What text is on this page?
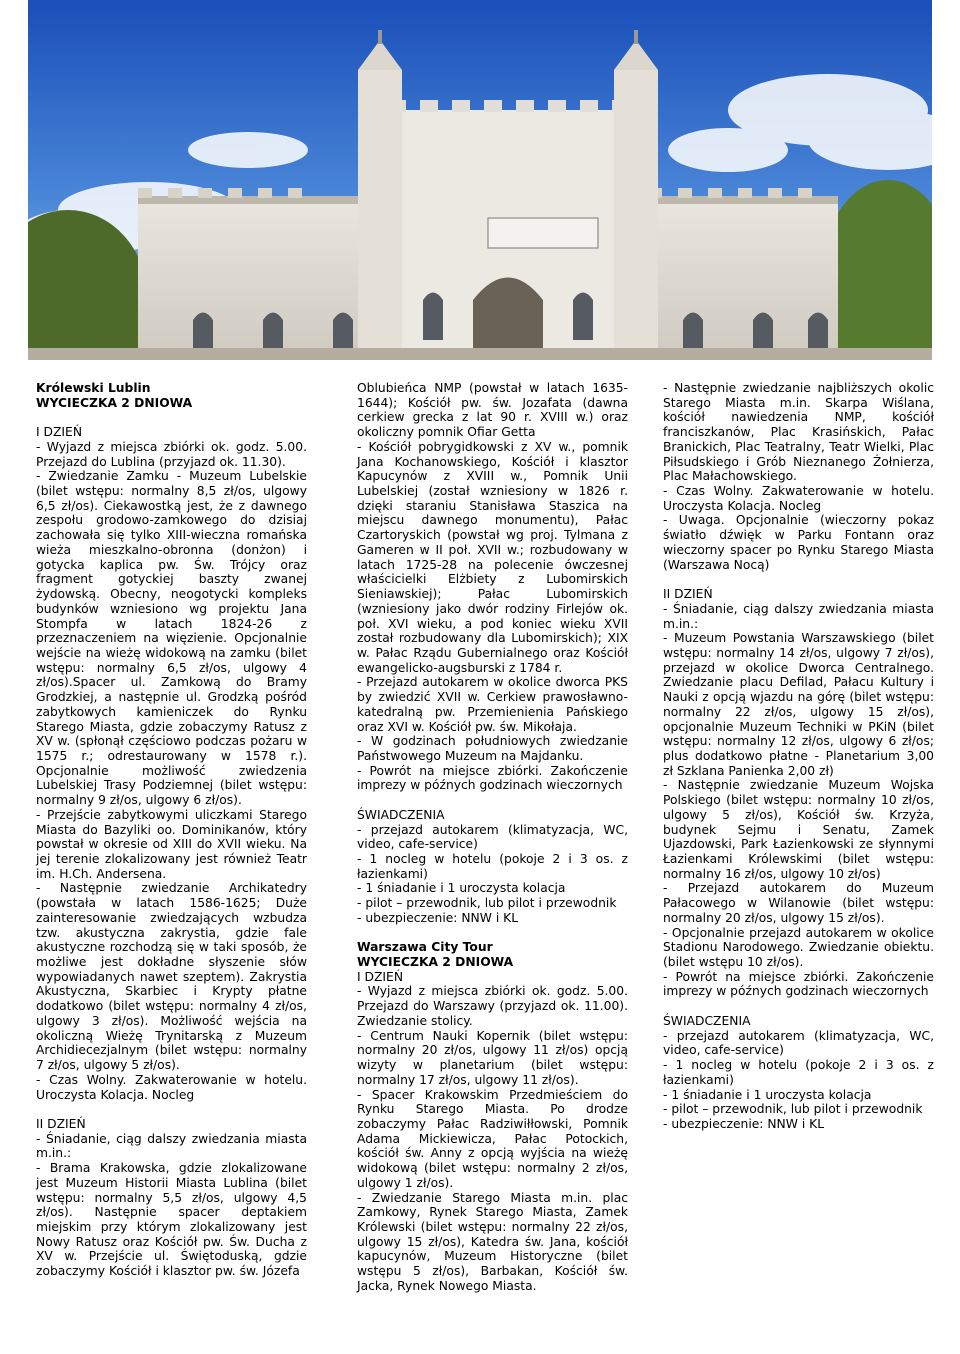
Królewski Lublin

WYCIECZKA 2 DNIOWA

I DZIEŃ

- Wyjazd z miejsca zbiórki ok. godz. 5.00. Przejazd do Lublina (przyjazd ok. 11.30).

- Zwiedzanie Zamku - Muzeum Lubelskie (bilet wstępu: normalny 8,5 zł/os, ulgowy 6,5 zł/os). Ciekawostką jest, że z dawnego zespołu grodowo-zamkowego do dzisiaj zachowała się tylko XIII-wieczna romańska wieża mieszkalno-obronna (donżon) i gotycka kaplica pw. Św. Trójcy oraz fragment gotyckiej baszty zwanej żydowską. Obecny, neogotycki kompleks budynków wzniesiono wg projektu Jana Stompfa w latach 1824-26 z przeznaczeniem na więzienie. Opcjonalnie wejście na wieżę widokową na zamku (bilet wstępu: normalny 6,5 zł/os, ulgowy 4 zł/os).Spacer ul. Zamkową do Bramy Grodzkiej, a następnie ul. Grodzką pośród zabytkowych kamieniczek do Rynku Starego Miasta, gdzie zobaczymy Ratusz z XV w. (spłonął częściowo podczas pożaru w 1575 r.; odrestaurowany w 1578 r.). Opcjonalnie możliwość zwiedzenia Lubelskiej Trasy Podziemnej (bilet wstępu: normalny 9 zł/os, ulgowy 6 zł/os).

- Przejście zabytkowymi uliczkami Starego Miasta do Bazyliki oo. Dominikanów, który powstał w okresie od XIII do XVII wieku. Na jej terenie zlokalizowany jest również Teatr im. H.Ch. Andersena.

- Następnie zwiedzanie Archikatedry (powstała w latach 1586-1625; Duże zainteresowanie zwiedzających wzbudza tzw. akustyczna zakrystia, gdzie fale akustyczne rozchodzą się w taki sposób, że możliwe jest dokładne słyszenie słów wypowiadanych nawet szeptem). Zakrystia Akustyczna, Skarbiec i Krypty płatne dodatkowo (bilet wstępu: normalny 4 zł/os, ulgowy 3 zł/os). Możliwość wejścia na okoliczną Wieżę Trynitarską z Muzeum Archidiecezjalnym (bilet wstępu: normalny 7 zł/os, ulgowy 5 zł/os).

- Czas Wolny. Zakwaterowanie w hotelu. Uroczysta Kolacja. Nocleg

II DZIEŃ

- Śniadanie, ciąg dalszy zwiedzania miasta m.in.:

- Brama Krakowska, gdzie zlokalizowane jest Muzeum Historii Miasta Lublina (bilet wstępu: normalny 5,5 zł/os, ulgowy 4,5 zł/os). Następnie spacer deptakiem miejskim przy którym zlokalizowany jest Nowy Ratusz oraz Kościół pw. Św. Ducha z XV w. Przejście ul. Świętoduską, gdzie zobaczymy Kościół i klasztor pw. św. Józefa

Oblubieńca NMP (powstał w latach 1635-1644); Kościół pw. św. Jozafata (dawna cerkiew grecka z lat 90 r. XVIII w.) oraz okoliczny pomnik Ofiar Getta

- Kościół pobrygidkowski z XV w., pomnik Jana Kochanowskiego, Kościół i klasztor Kapucynów z XVIII w., Pomnik Unii Lubelskiej (został wzniesiony w 1826 r. dzięki staraniu Stanisława Staszica na miejscu dawnego monumentu), Pałac Czartoryskich (powstał wg proj. Tylmana z Gameren w II poł. XVII w.; rozbudowany w latach 1725-28 na polecenie ówczesnej właścicielki Elżbiety z Lubomirskich Sieniawskiej); Pałac Lubomirskich (wzniesiony jako dwór rodziny Firlejów ok. poł. XVI wieku, a pod koniec wieku XVII został rozbudowany dla Lubomirskich); XIX w. Pałac Rządu Gubernialnego oraz Kościół ewangelicko-augsburski z 1784 r.

- Przejazd autokarem w okolice dworca PKS by zwiedzić XVII w. Cerkiew prawosławno-katedralną pw. Przemienienia Pańskiego oraz XVI w. Kościół pw. św. Mikołaja.

- W godzinach południowych zwiedzanie Państwowego Muzeum na Majdanku.

- Powrót na miejsce zbiórki. Zakończenie imprezy w późnych godzinach wieczornych

ŚWIADCZENIA

- przejazd autokarem (klimatyzacja, WC, video, cafe-service)

- 1 nocleg w hotelu (pokoje 2 i 3 os. z łazienkami)

- 1 śniadanie i 1 uroczysta kolacja

- pilot – przewodnik, lub pilot i przewodnik

- ubezpieczenie: NNW i KL

Warszawa City Tour

WYCIECZKA 2 DNIOWA

I DZIEŃ

- Wyjazd z miejsca zbiórki ok. godz. 5.00. Przejazd do Warszawy (przyjazd ok. 11.00). Zwiedzanie stolicy.

- Centrum Nauki Kopernik (bilet wstępu: normalny 20 zł/os, ulgowy 11 zł/os) opcją wizyty w planetarium (bilet wstępu: normalny 17 zł/os, ulgowy 11 zł/os).

- Spacer Krakowskim Przedmieściem do Rynku Starego Miasta. Po drodze zobaczymy Pałac Radziwiłłowski, Pomnik Adama Mickiewicza, Pałac Potockich, kościół św. Anny z opcją wyjścia na wieżę widokową (bilet wstępu: normalny 2 zł/os, ulgowy 1 zł/os).

- Zwiedzanie Starego Miasta m.in. plac Zamkowy, Rynek Starego Miasta, Zamek Królewski (bilet wstępu: normalny 22 zł/os, ulgowy 15 zł/os), Katedra św. Jana, kościół kapucynów, Muzeum Historyczne (bilet wstępu 5 zł/os), Barbakan, Kościół św. Jacka, Rynek Nowego Miasta.

- Następnie zwiedzanie najbliższych okolic Starego Miasta m.in. Skarpa Wiślana, kościół nawiedzenia NMP, kościół franciszkanów, Plac Krasińskich, Pałac Branickich, Plac Teatralny, Teatr Wielki, Plac Piłsudskiego i Grób Nieznanego Żołnierza, Plac Małachowskiego.

- Czas Wolny. Zakwaterowanie w hotelu. Uroczysta Kolacja. Nocleg

- Uwaga. Opcjonalnie (wieczorny pokaz światło dźwięk w Parku Fontann oraz wieczorny spacer po Rynku Starego Miasta (Warszawa Nocą)

II DZIEŃ

- Śniadanie, ciąg dalszy zwiedzania miasta m.in.:

- Muzeum Powstania Warszawskiego (bilet wstępu: normalny 14 zł/os, ulgowy 7 zł/os), przejazd w okolice Dworca Centralnego. Zwiedzanie placu Defilad, Pałacu Kultury i Nauki z opcją wjazdu na górę (bilet wstępu: normalny 22 zł/os, ulgowy 15 zł/os), opcjonalnie Muzeum Techniki w PKiN (bilet wstępu: normalny 12 zł/os, ulgowy 6 zł/os; plus dodatkowo płatne - Planetarium 3,00 zł Szklana Panienka 2,00 zł)

- Następnie zwiedzanie Muzeum Wojska Polskiego (bilet wstępu: normalny 10 zł/os, ulgowy 5 zł/os), Kościół św. Krzyża, budynek Sejmu i Senatu, Zamek Ujazdowski, Park Łazienkowski ze słynnymi Łazienkami Królewskimi (bilet wstępu: normalny 16 zł/os, ulgowy 10 zł/os)

- Przejazd autokarem do Muzeum Pałacowego w Wilanowie (bilet wstępu: normalny 20 zł/os, ulgowy 15 zł/os).

- Opcjonalnie przejazd autokarem w okolice Stadionu Narodowego. Zwiedzanie obiektu. (bilet wstępu 10 zł/os).

- Powrót na miejsce zbiórki. Zakończenie imprezy w późnych godzinach wieczornych

ŚWIADCZENIA

- przejazd autokarem (klimatyzacja, WC, video, cafe-service)

- 1 nocleg w hotelu (pokoje 2 i 3 os. z łazienkami)

- 1 śniadanie i 1 uroczysta kolacja

- pilot – przewodnik, lub pilot i przewodnik

- ubezpieczenie: NNW i KL
